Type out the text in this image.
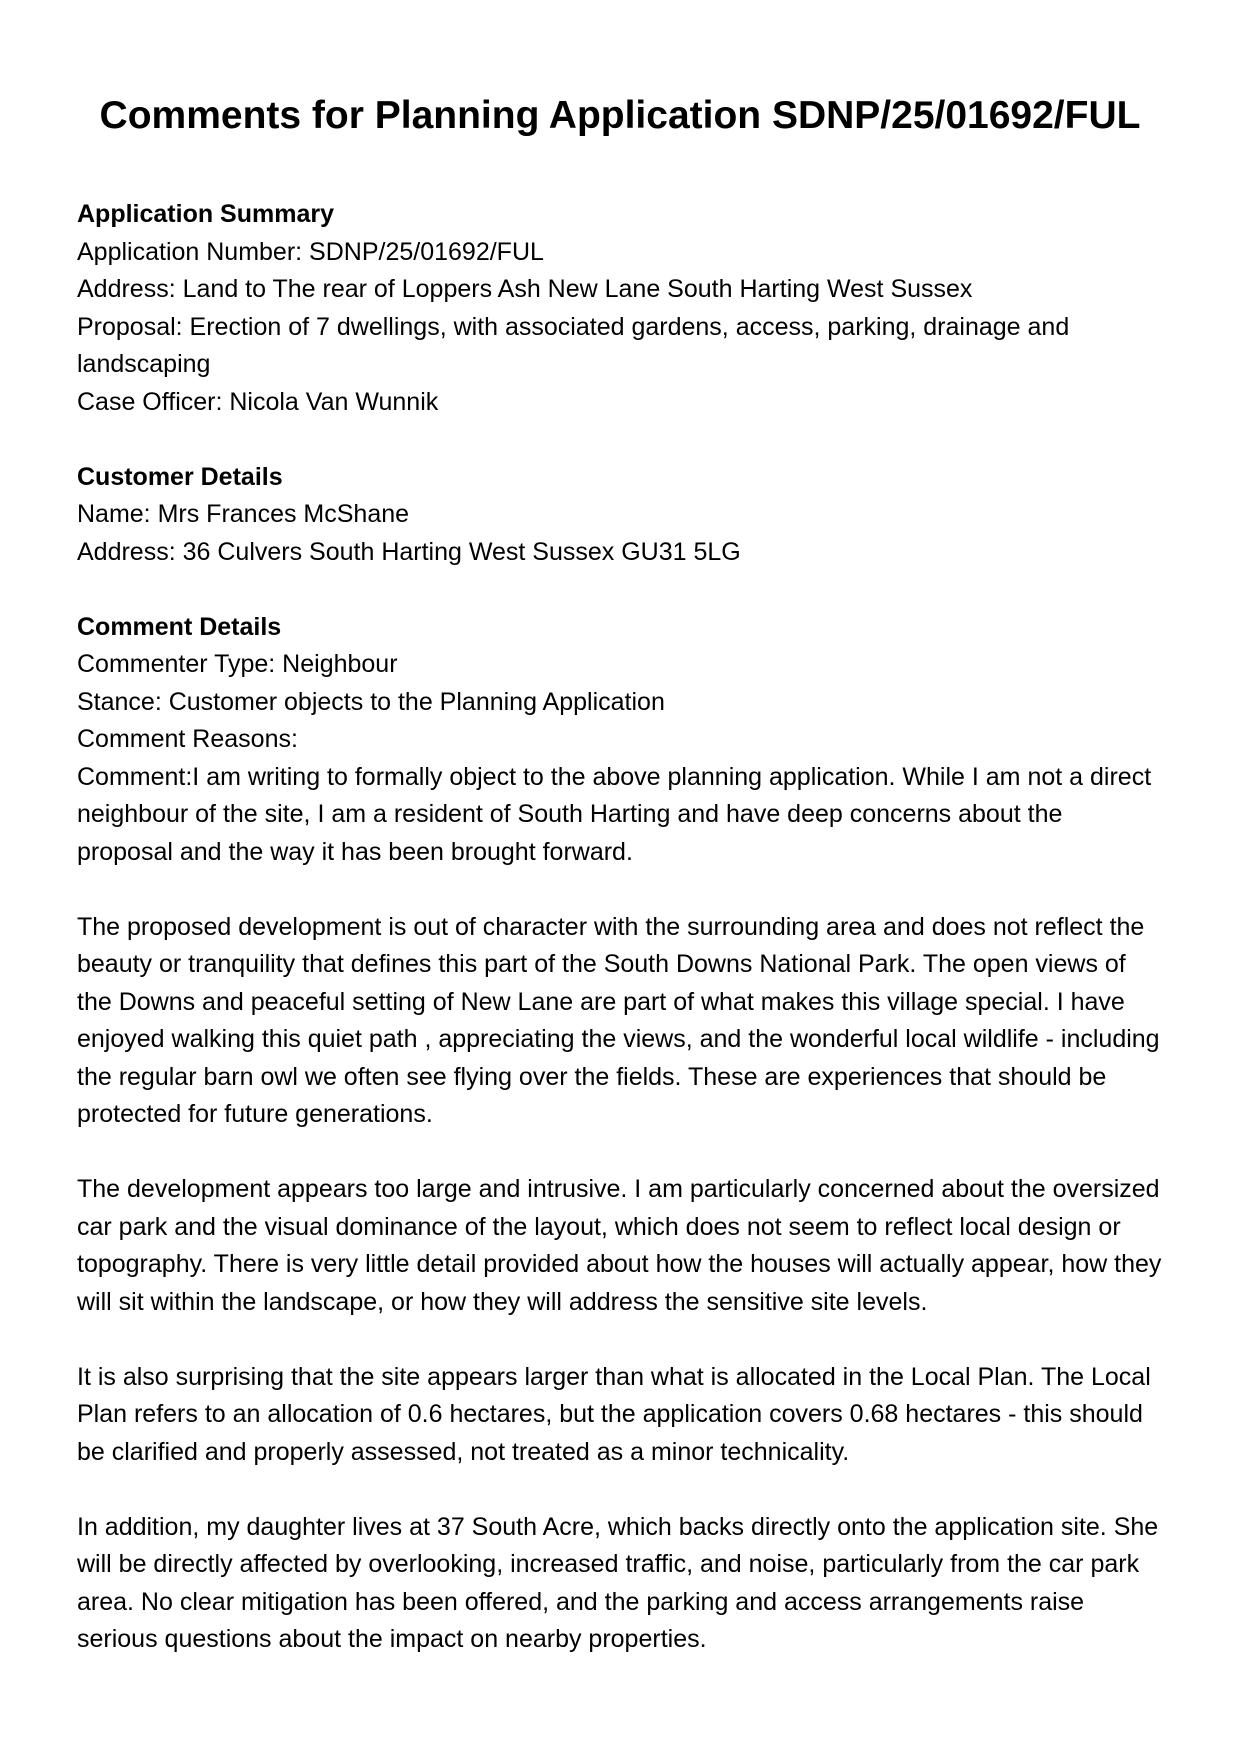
Comments for Planning Application SDNP/25/01692/FUL
Application Summary
Application Number: SDNP/25/01692/FUL
Address: Land to The rear of Loppers Ash New Lane South Harting West Sussex
Proposal: Erection of 7 dwellings, with associated gardens, access, parking, drainage and landscaping
Case Officer: Nicola Van Wunnik
Customer Details
Name: Mrs Frances McShane
Address: 36 Culvers South Harting West Sussex GU31 5LG
Comment Details
Commenter Type: Neighbour
Stance: Customer objects to the Planning Application
Comment Reasons:

Comment:I am writing to formally object to the above planning application. While I am not a direct neighbour of the site, I am a resident of South Harting and have deep concerns about the proposal and the way it has been brought forward.

The proposed development is out of character with the surrounding area and does not reflect the beauty or tranquility that defines this part of the South Downs National Park. The open views of the Downs and peaceful setting of New Lane are part of what makes this village special. I have enjoyed walking this quiet path , appreciating the views, and the wonderful local wildlife - including the regular barn owl we often see flying over the fields. These are experiences that should be protected for future generations.

The development appears too large and intrusive. I am particularly concerned about the oversized car park and the visual dominance of the layout, which does not seem to reflect local design or topography. There is very little detail provided about how the houses will actually appear, how they will sit within the landscape, or how they will address the sensitive site levels.

It is also surprising that the site appears larger than what is allocated in the Local Plan. The Local Plan refers to an allocation of 0.6 hectares, but the application covers 0.68 hectares - this should be clarified and properly assessed, not treated as a minor technicality.

In addition, my daughter lives at 37 South Acre, which backs directly onto the application site. She will be directly affected by overlooking, increased traffic, and noise, particularly from the car park area. No clear mitigation has been offered, and the parking and access arrangements raise serious questions about the impact on nearby properties.
